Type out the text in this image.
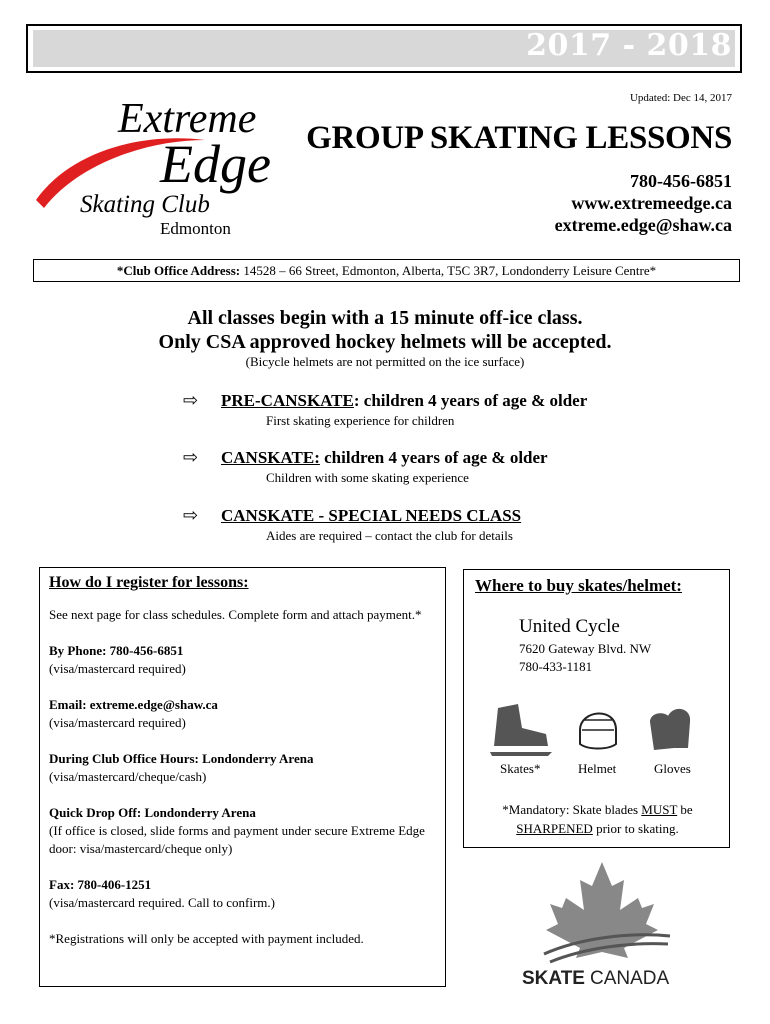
2017 - 2018
Extreme
Edge
Skating Club
Edmonton
Updated: Dec 14, 2017
GROUP SKATING LESSONS
780-456-6851
www.extremeedge.ca
extreme.edge@shaw.ca
*Club Office Address: 14528 – 66 Street, Edmonton, Alberta, T5C 3R7, Londonderry Leisure Centre*
All classes begin with a 15 minute off-ice class.
Only CSA approved hockey helmets will be accepted.
(Bicycle helmets are not permitted on the ice surface)
⇨ PRE-CANSKATE: children 4 years of age & older
First skating experience for children
⇨ CANSKATE: children 4 years of age & older
Children with some skating experience
⇨ CANSKATE - SPECIAL NEEDS CLASS
Aides are required – contact the club for details
How do I register for lessons:
See next page for class schedules. Complete form and attach payment.*
By Phone: 780-456-6851
(visa/mastercard required)
Email: extreme.edge@shaw.ca
(visa/mastercard required)
During Club Office Hours: Londonderry Arena
(visa/mastercard/cheque/cash)
Quick Drop Off: Londonderry Arena
(If office is closed, slide forms and payment under secure Extreme Edge door: visa/mastercard/cheque only)
Fax: 780-406-1251
(visa/mastercard required. Call to confirm.)
*Registrations will only be accepted with payment included.
Where to buy skates/helmet:
United Cycle
7620 Gateway Blvd. NW
780-433-1181
Skates*	Helmet	Gloves
*Mandatory: Skate blades MUST be
SHARPENED prior to skating.
SKATE CANADA
